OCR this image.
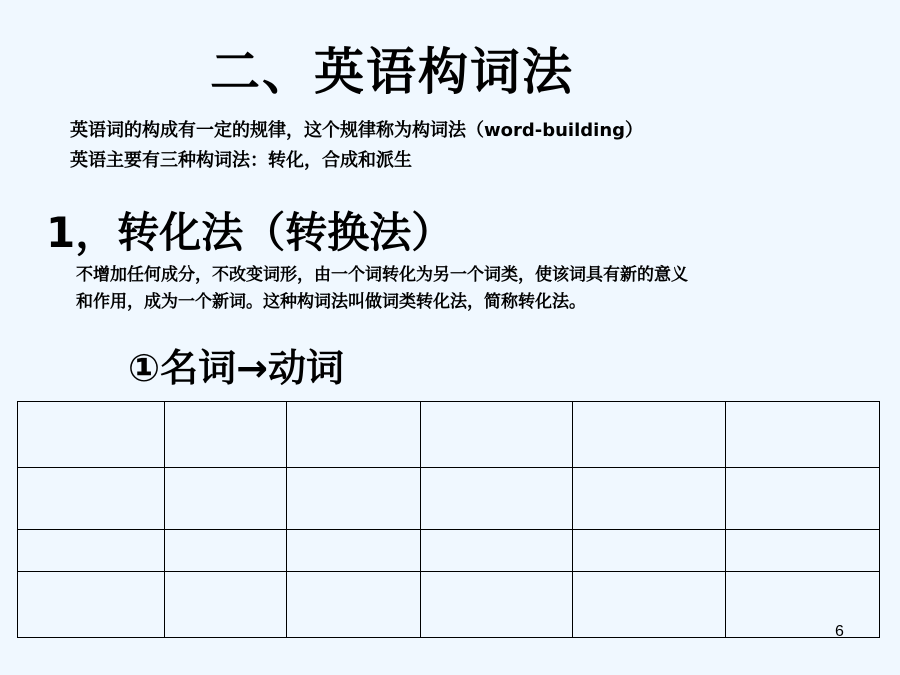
二、英语构词法
英语词的构成有一定的规律，这个规律称为构词法（word-building）
英语主要有三种构词法：转化，合成和派生
1，转化法（转换法）
不增加任何成分，不改变词形，由一个词转化为另一个词类，使该词具有新的意义
和作用，成为一个新词。这种构词法叫做词类转化法，简称转化法。
①名词→动词

6
